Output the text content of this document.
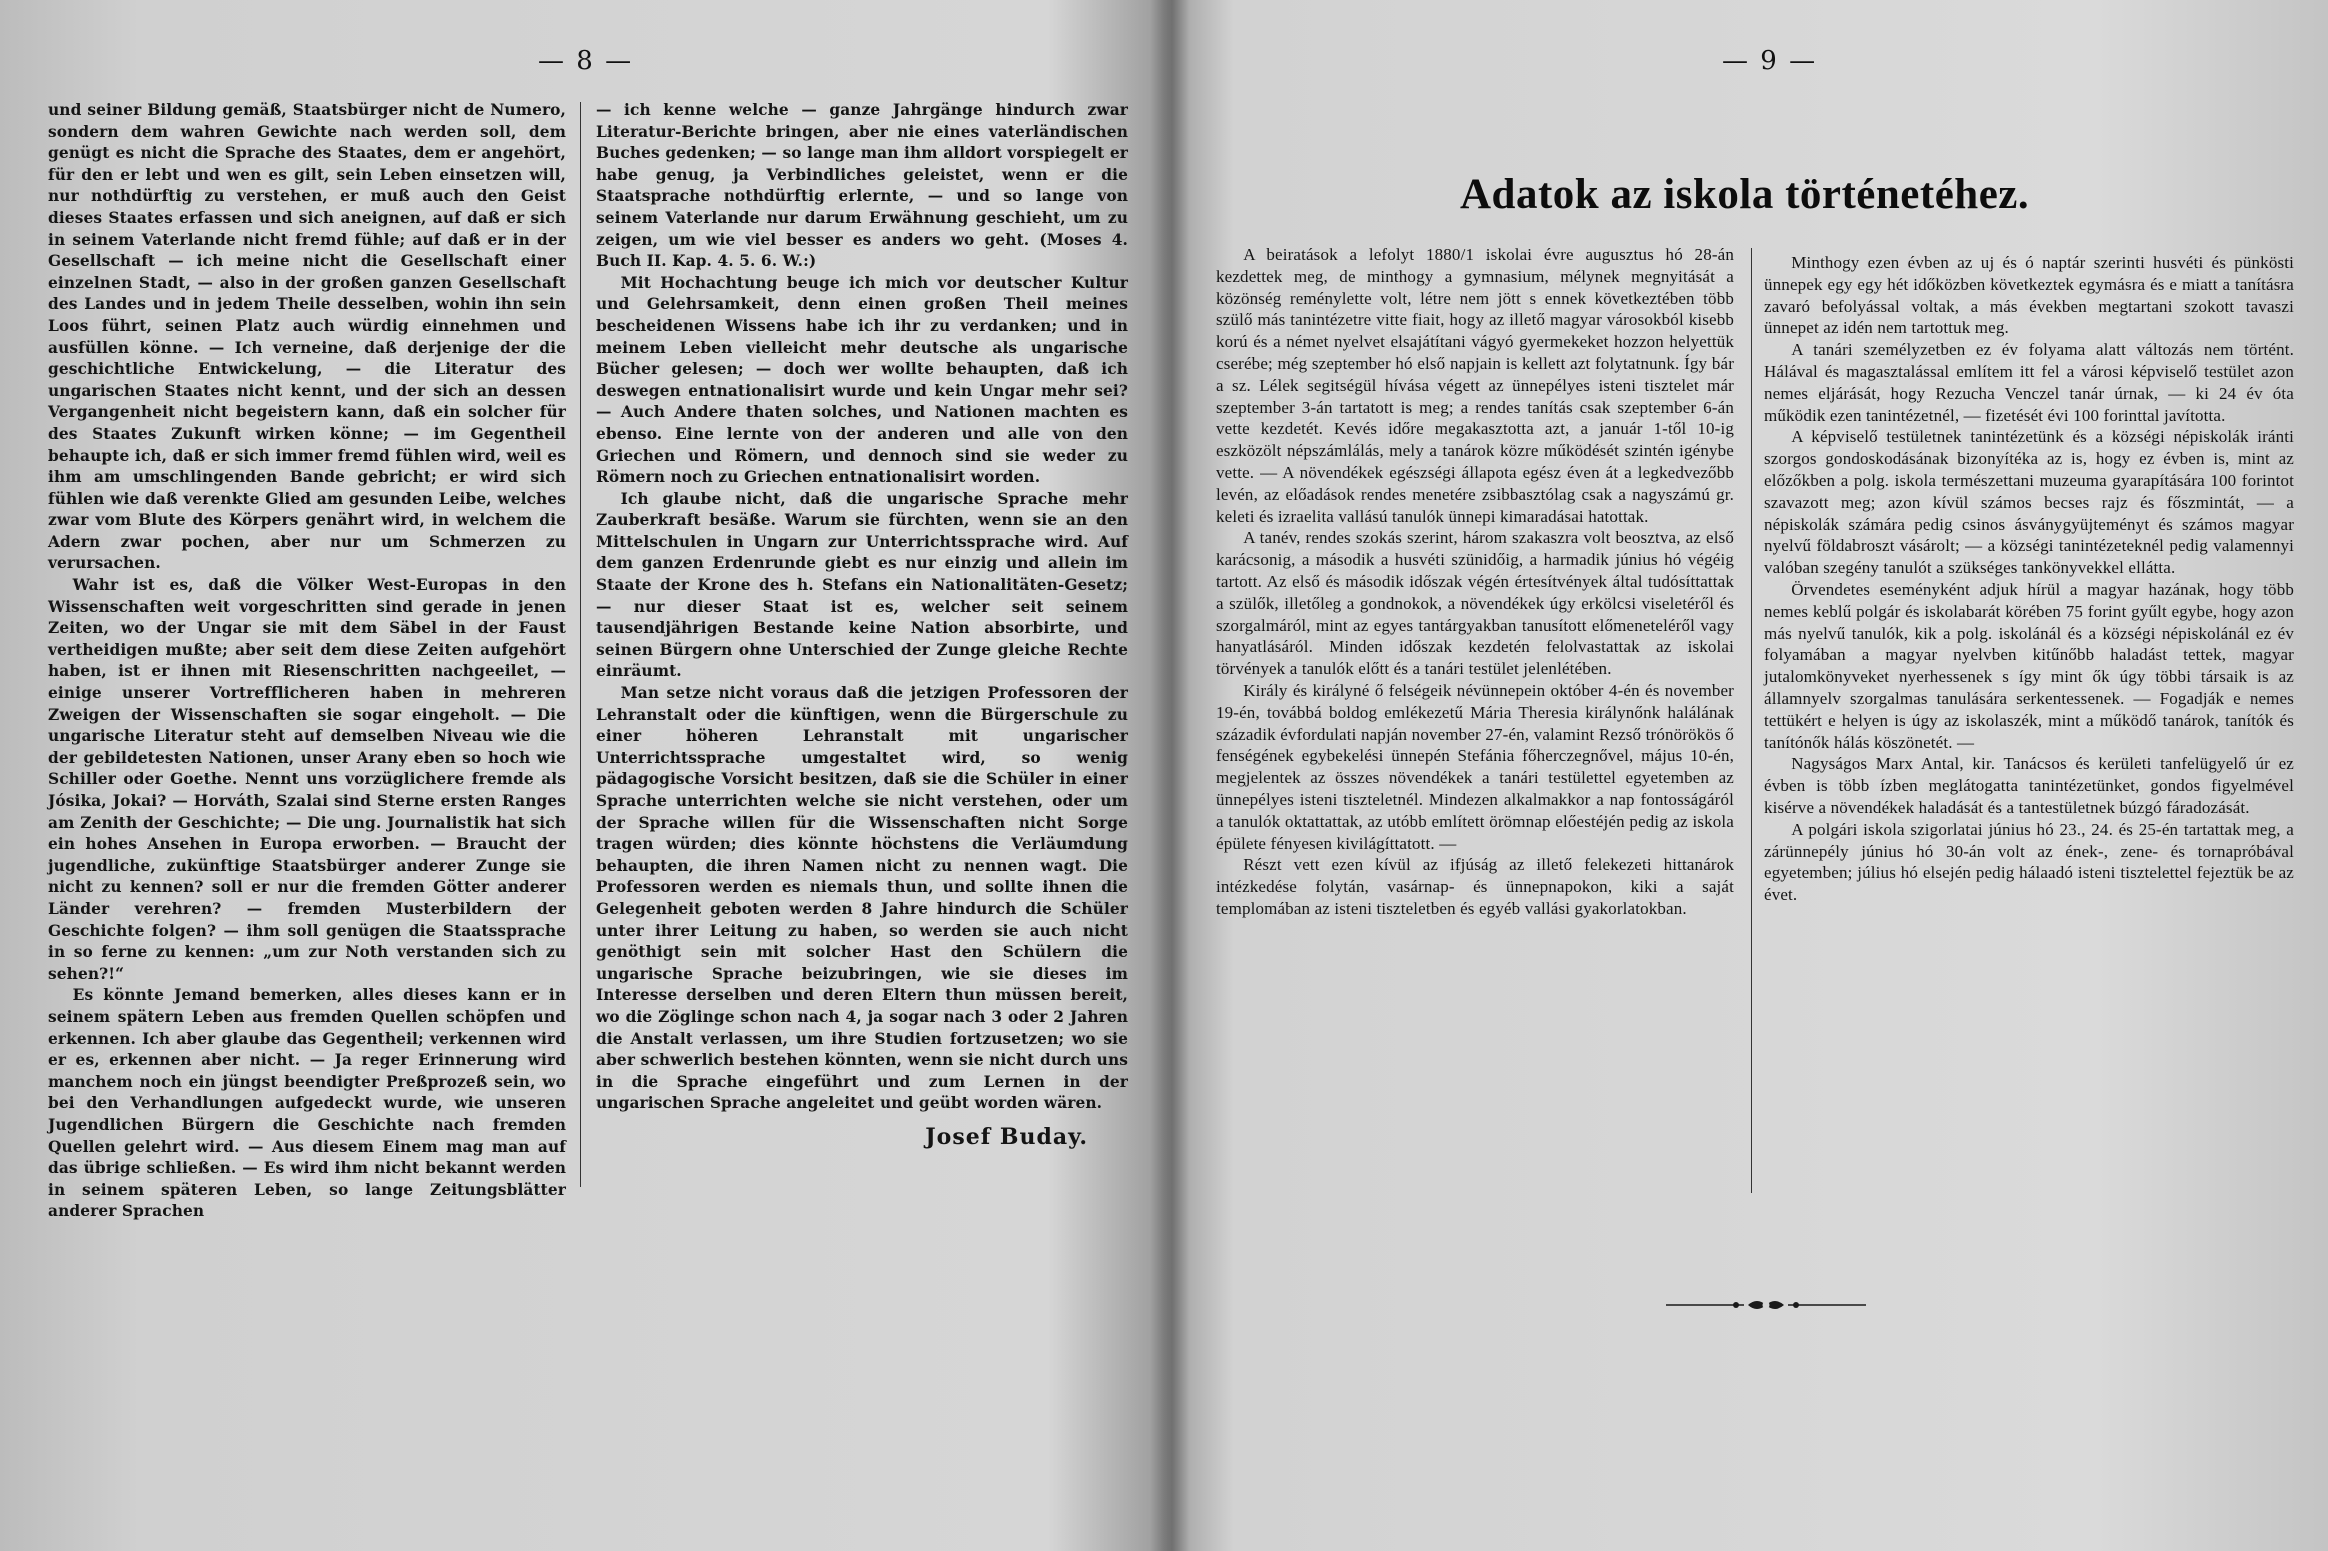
— 8 —

und seiner Bildung gemäß, Staatsbürger nicht de Numero, sondern dem wahren Gewichte nach werden soll, dem genügt es nicht die Sprache des Staates, dem er angehört, für den er lebt und wen es gilt, sein Leben einsetzen will, nur nothdürftig zu verstehen, er muß auch den Geist dieses Staates erfassen und sich aneignen, auf daß er sich in seinem Vaterlande nicht fremd fühle; auf daß er in der Gesellschaft — ich meine nicht die Gesellschaft einer einzelnen Stadt, — also in der großen ganzen Gesellschaft des Landes und in jedem Theile desselben, wohin ihn sein Loos führt, seinen Platz auch würdig einnehmen und ausfüllen könne. — Ich verneine, daß derjenige der die geschichtliche Entwickelung, — die Literatur des ungarischen Staates nicht kennt, und der sich an dessen Vergangenheit nicht begeistern kann, daß ein solcher für des Staates Zukunft wirken könne; — im Gegentheil behaupte ich, daß er sich immer fremd fühlen wird, weil es ihm am umschlingenden Bande gebricht; er wird sich fühlen wie daß verenkte Glied am gesunden Leibe, welches zwar vom Blute des Körpers genährt wird, in welchem die Adern zwar pochen, aber nur um Schmerzen zu verursachen.

Wahr ist es, daß die Völker West-Europas in den Wissenschaften weit vorgeschritten sind gerade in jenen Zeiten, wo der Ungar sie mit dem Säbel in der Faust vertheidigen mußte; aber seit dem diese Zeiten aufgehört haben, ist er ihnen mit Riesenschritten nachgeeilet, — einige unserer Vortrefflicheren haben in mehreren Zweigen der Wissenschaften sie sogar eingeholt. — Die ungarische Literatur steht auf demselben Niveau wie die der gebildetesten Nationen, unser Arany eben so hoch wie Schiller oder Goethe. Nennt uns vorzüglichere fremde als Jósika, Jokai? — Horváth, Szalai sind Sterne ersten Ranges am Zenith der Geschichte; — Die ung. Journalistik hat sich ein hohes Ansehen in Europa erworben. — Braucht der jugendliche, zukünftige Staatsbürger anderer Zunge sie nicht zu kennen? soll er nur die fremden Götter anderer Länder verehren? — fremden Musterbildern der Geschichte folgen? — ihm soll genügen die Staatssprache in so ferne zu kennen: „um zur Noth verstanden sich zu sehen?!“

Es könnte Jemand bemerken, alles dieses kann er in seinem spätern Leben aus fremden Quellen schöpfen und erkennen. Ich aber glaube das Gegentheil; verkennen wird er es, erkennen aber nicht. — Ja reger Erinnerung wird manchem noch ein jüngst beendigter Preßprozeß sein, wo bei den Verhandlungen aufgedeckt wurde, wie unseren Jugendlichen Bürgern die Geschichte nach fremden Quellen gelehrt wird. — Aus diesem Einem mag man auf das übrige schließen. — Es wird ihm nicht bekannt werden in seinem späteren Leben, so lange Zeitungsblätter anderer Sprachen

— ich kenne welche — ganze Jahrgänge hindurch zwar Literatur-Berichte bringen, aber nie eines vaterländischen Buches gedenken; — so lange man ihm alldort vorspiegelt er habe genug, ja Verbindliches geleistet, wenn er die Staatsprache nothdürftig erlernte, — und so lange von seinem Vaterlande nur darum Erwähnung geschieht, um zu zeigen, um wie viel besser es anders wo geht. (Moses 4. Buch II. Kap. 4. 5. 6. W.:)

Mit Hochachtung beuge ich mich vor deutscher Kultur und Gelehrsamkeit, denn einen großen Theil meines bescheidenen Wissens habe ich ihr zu verdanken; und in meinem Leben vielleicht mehr deutsche als ungarische Bücher gelesen; — doch wer wollte behaupten, daß ich deswegen entnationalisirt wurde und kein Ungar mehr sei? — Auch Andere thaten solches, und Nationen machten es ebenso. Eine lernte von der anderen und alle von den Griechen und Römern, und dennoch sind sie weder zu Römern noch zu Griechen entnationalisirt worden.

Ich glaube nicht, daß die ungarische Sprache mehr Zauberkraft besäße. Warum sie fürchten, wenn sie an den Mittelschulen in Ungarn zur Unterrichtssprache wird. Auf dem ganzen Erdenrunde giebt es nur einzig und allein im Staate der Krone des h. Stefans ein Nationalitäten-Gesetz; — nur dieser Staat ist es, welcher seit seinem tausendjährigen Bestande keine Nation absorbirte, und seinen Bürgern ohne Unterschied der Zunge gleiche Rechte einräumt.

Man setze nicht voraus daß die jetzigen Professoren der Lehranstalt oder die künftigen, wenn die Bürgerschule zu einer höheren Lehranstalt mit ungarischer Unterrichtssprache umgestaltet wird, so wenig pädagogische Vorsicht besitzen, daß sie die Schüler in einer Sprache unterrichten welche sie nicht verstehen, oder um der Sprache willen für die Wissenschaften nicht Sorge tragen würden; dies könnte höchstens die Verläumdung behaupten, die ihren Namen nicht zu nennen wagt. Die Professoren werden es niemals thun, und sollte ihnen die Gelegenheit geboten werden 8 Jahre hindurch die Schüler unter ihrer Leitung zu haben, so werden sie auch nicht genöthigt sein mit solcher Hast den Schülern die ungarische Sprache beizubringen, wie sie dieses im Interesse derselben und deren Eltern thun müssen bereit, wo die Zöglinge schon nach 4, ja sogar nach 3 oder 2 Jahren die Anstalt verlassen, um ihre Studien fortzusetzen; wo sie aber schwerlich bestehen könnten, wenn sie nicht durch uns in die Sprache eingeführt und zum Lernen in der ungarischen Sprache angeleitet und geübt worden wären.

Josef Buday.
— 9 —
Adatok az iskola történetéhez.

A beiratások a lefolyt 1880/1 iskolai évre augusztus hó 28-án kezdettek meg, de minthogy a gymnasium, mélynek megnyitását a közönség reménylette volt, létre nem jött s ennek következtében több szülő más tanintézetre vitte fiait, hogy az illető magyar városokból kisebb korú és a német nyelvet elsajátítani vágyó gyermekeket hozzon helyettük cserébe; még szeptember hó első napjain is kellett azt folytatnunk. Így bár a sz. Lélek segitségül hívása végett az ünnepélyes isteni tisztelet már szeptember 3-án tartatott is meg; a rendes tanítás csak szeptember 6-án vette kezdetét. Kevés időre megakasztotta azt, a január 1-től 10-ig eszközölt népszámlálás, mely a tanárok közre működését szintén igénybe vette. — A növendékek egészségi állapota egész éven át a legkedvezőbb levén, az előadások rendes menetére zsibbasztólag csak a nagyszámú gr. keleti és izraelita vallású tanulók ünnepi kimaradásai hatottak.

A tanév, rendes szokás szerint, három szakaszra volt beosztva, az első karácsonig, a második a husvéti szünidőig, a harmadik június hó végéig tartott. Az első és második időszak végén értesítvények által tudósíttattak a szülők, illetőleg a gondnokok, a növendékek úgy erkölcsi viseletéről és szorgalmáról, mint az egyes tantárgyakban tanusított előmeneteléről vagy hanyatlásáról. Minden időszak kezdetén felolvastattak az iskolai törvények a tanulók előtt és a tanári testület jelenlétében.

Király és királyné ő felségeik névünnepein október 4-én és november 19-én, továbbá boldog emlékezetű Mária Theresia királynőnk halálának századik évfordulati napján november 27-én, valamint Rezső trónörökös ő fenségének egybekelési ünnepén Stefánia főherczegnővel, május 10-én, megjelentek az összes növendékek a tanári testülettel egyetemben az ünnepélyes isteni tiszteletnél. Mindezen alkalmakkor a nap fontosságáról a tanulók oktattattak, az utóbb említett örömnap előestéjén pedig az iskola épülete fényesen kivilágíttatott. —

Részt vett ezen kívül az ifjúság az illető felekezeti hittanárok intézkedése folytán, vasárnap- és ünnepnapokon, kiki a saját templomában az isteni tiszteletben és egyéb vallási gyakorlatokban.

Minthogy ezen évben az uj és ó naptár szerinti husvéti és pünkösti ünnepek egy egy hét időközben következtek egymásra és e miatt a tanításra zavaró befolyással voltak, a más években megtartani szokott tavaszi ünnepet az idén nem tartottuk meg.

A tanári személyzetben ez év folyama alatt változás nem történt. Hálával és magasztalással említem itt fel a városi képviselő testület azon nemes eljárását, hogy Rezucha Venczel tanár úrnak, — ki 24 év óta működik ezen tanintézetnél, — fizetését évi 100 forinttal javította.

A képviselő testületnek tanintézetünk és a községi népiskolák iránti szorgos gondoskodásának bizonyítéka az is, hogy ez évben is, mint az előzőkben a polg. iskola természettani muzeuma gyarapítására 100 forintot szavazott meg; azon kívül számos becses rajz és főszmintát, — a népiskolák számára pedig csinos ásványgyüjteményt és számos magyar nyelvű földabroszt vásárolt; — a községi tanintézeteknél pedig valamennyi valóban szegény tanulót a szükséges tankönyvekkel ellátta.

Örvendetes eseményként adjuk hírül a magyar hazának, hogy több nemes keblű polgár és iskolabarát körében 75 forint gyűlt egybe, hogy azon más nyelvű tanulók, kik a polg. iskolánál és a községi népiskolánál ez év folyamában a magyar nyelvben kitűnőbb haladást tettek, magyar jutalomkönyveket nyerhessenek s így mint ők úgy többi társaik is az államnyelv szorgalmas tanulására serkentessenek. — Fogadják e nemes tettükért e helyen is úgy az iskolaszék, mint a működő tanárok, tanítók és tanítónők hálás köszönetét. —

Nagyságos Marx Antal, kir. Tanácsos és kerületi tanfelügyelő úr ez évben is több ízben meglátogatta tanintézetünket, gondos figyelmével kisérve a növendékek haladását és a tantestületnek búzgó fáradozását.

A polgári iskola szigorlatai június hó 23., 24. és 25-én tartattak meg, a zárünnepély június hó 30-án volt az ének-, zene- és tornapróbával egyetemben; július hó elsején pedig hálaadó isteni tisztelettel fejeztük be az évet.
